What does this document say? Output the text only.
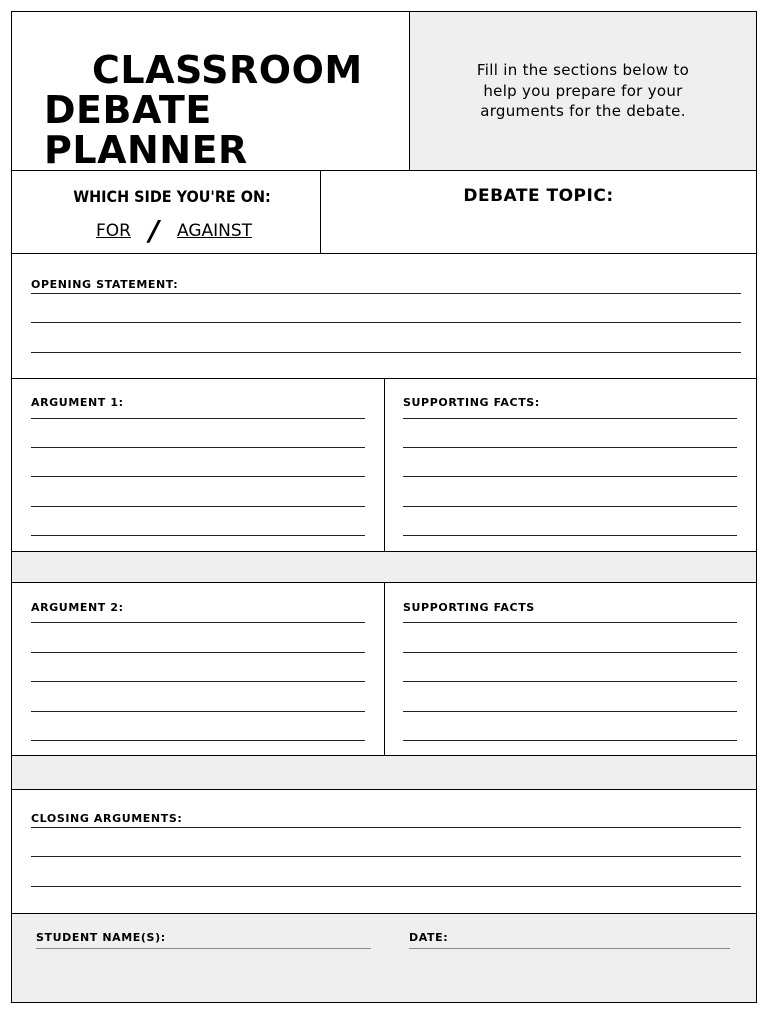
CLASSROOM
DEBATE
PLANNER
Fill in the sections below to
help you prepare for your
arguments for the debate.
WHICH SIDE YOU'RE ON:
FOR / AGAINST
DEBATE TOPIC:
OPENING STATEMENT:
ARGUMENT 1:	SUPPORTING FACTS:
ARGUMENT 2:	SUPPORTING FACTS
CLOSING ARGUMENTS:
STUDENT NAME(S):	DATE:
